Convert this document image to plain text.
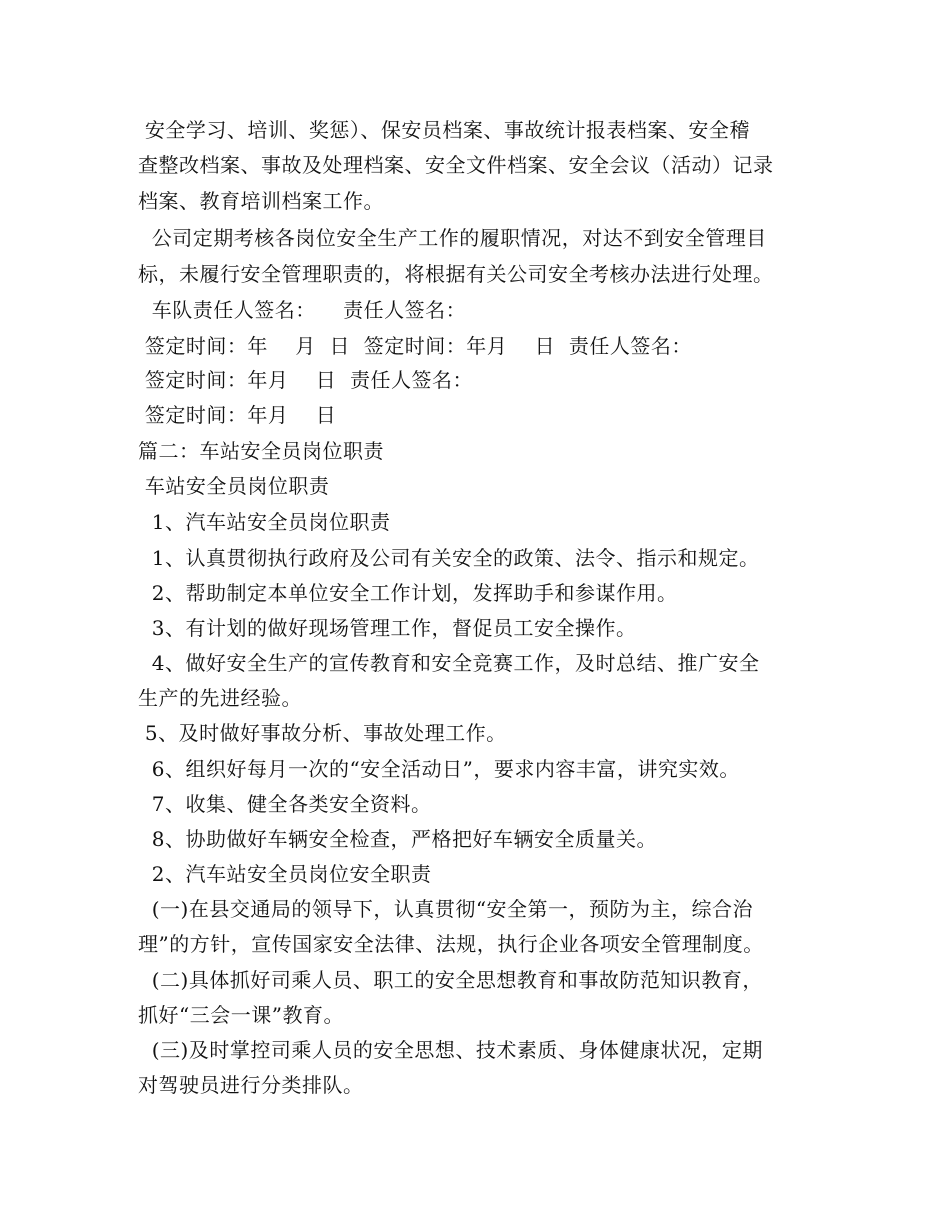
安全学习、培训、奖惩）、保安员档案、事故统计报表档案、安全稽
查整改档案、事故及处理档案、安全文件档案、安全会议（活动）记录
档案、教育培训档案工作。
公司定期考核各岗位安全生产工作的履职情况，对达不到安全管理目
标，未履行安全管理职责的，将根据有关公司安全考核办法进行处理。
车队责任人签名：    责任人签名：
签定时间：年    月  日  签定时间：年月    日  责任人签名：
签定时间：年月    日  责任人签名：
签定时间：年月    日
篇二：车站安全员岗位职责
车站安全员岗位职责
1、汽车站安全员岗位职责
1、认真贯彻执行政府及公司有关安全的政策、法令、指示和规定。
2、帮助制定本单位安全工作计划，发挥助手和参谋作用。
3、有计划的做好现场管理工作，督促员工安全操作。
4、做好安全生产的宣传教育和安全竞赛工作，及时总结、推广安全
生产的先进经验。
5、及时做好事故分析、事故处理工作。
6、组织好每月一次的“安全活动日”，要求内容丰富，讲究实效。
7、收集、健全各类安全资料。
8、协助做好车辆安全检查，严格把好车辆安全质量关。
2、汽车站安全员岗位安全职责
(一)在县交通局的领导下，认真贯彻“安全第一，预防为主，综合治
理”的方针，宣传国家安全法律、法规，执行企业各项安全管理制度。
(二)具体抓好司乘人员、职工的安全思想教育和事故防范知识教育，
抓好“三会一课”教育。
(三)及时掌控司乘人员的安全思想、技术素质、身体健康状况，定期
对驾驶员进行分类排队。
